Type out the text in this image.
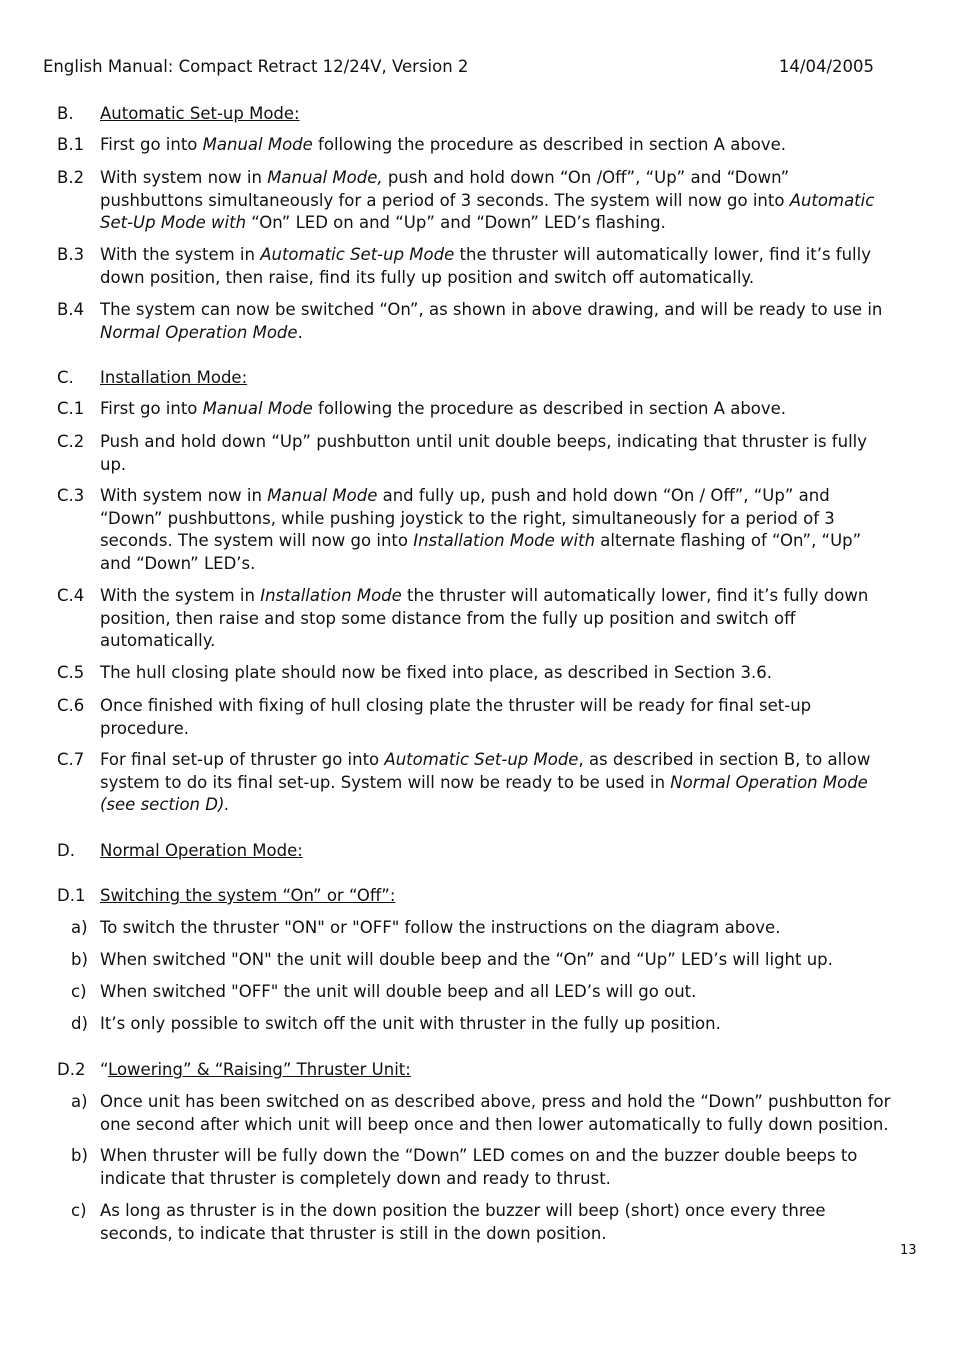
English Manual: Compact Retract 12/24V, Version 2	14/04/2005
B. Automatic Set-up Mode:
B.1 First go into Manual Mode following the procedure as described in section A above.
B.2 With system now in Manual Mode, push and hold down “On /Off”, “Up” and “Down” pushbuttons simultaneously for a period of 3 seconds. The system will now go into Automatic Set-Up Mode with “On” LED on and “Up” and “Down” LED’s flashing.
B.3 With the system in Automatic Set-up Mode the thruster will automatically lower, find it’s fully down position, then raise, find its fully up position and switch off automatically.
B.4 The system can now be switched “On”, as shown in above drawing, and will be ready to use in Normal Operation Mode.
C. Installation Mode:
C.1 First go into Manual Mode following the procedure as described in section A above.
C.2 Push and hold down “Up” pushbutton until unit double beeps, indicating that thruster is fully up.
C.3 With system now in Manual Mode and fully up, push and hold down “On / Off”, “Up” and “Down” pushbuttons, while pushing joystick to the right, simultaneously for a period of 3 seconds. The system will now go into Installation Mode with alternate flashing of “On”, “Up” and “Down” LED’s.
C.4 With the system in Installation Mode the thruster will automatically lower, find it’s fully down position, then raise and stop some distance from the fully up position and switch off automatically.
C.5 The hull closing plate should now be fixed into place, as described in Section 3.6.
C.6 Once finished with fixing of hull closing plate the thruster will be ready for final set-up procedure.
C.7 For final set-up of thruster go into Automatic Set-up Mode, as described in section B, to allow system to do its final set-up. System will now be ready to be used in Normal Operation Mode (see section D).
D. Normal Operation Mode:
D.1 Switching the system “On” or “Off”:
a) To switch the thruster "ON" or "OFF" follow the instructions on the diagram above.
b) When switched "ON" the unit will double beep and the “On” and “Up” LED’s will light up.
c) When switched "OFF" the unit will double beep and all LED’s will go out.
d) It’s only possible to switch off the unit with thruster in the fully up position.
D.2 “Lowering” & “Raising” Thruster Unit:
a) Once unit has been switched on as described above, press and hold the “Down” pushbutton for one second after which unit will beep once and then lower automatically to fully down position.
b) When thruster will be fully down the “Down” LED comes on and the buzzer double beeps to indicate that thruster is completely down and ready to thrust.
c) As long as thruster is in the down position the buzzer will beep (short) once every three seconds, to indicate that thruster is still in the down position.
13
